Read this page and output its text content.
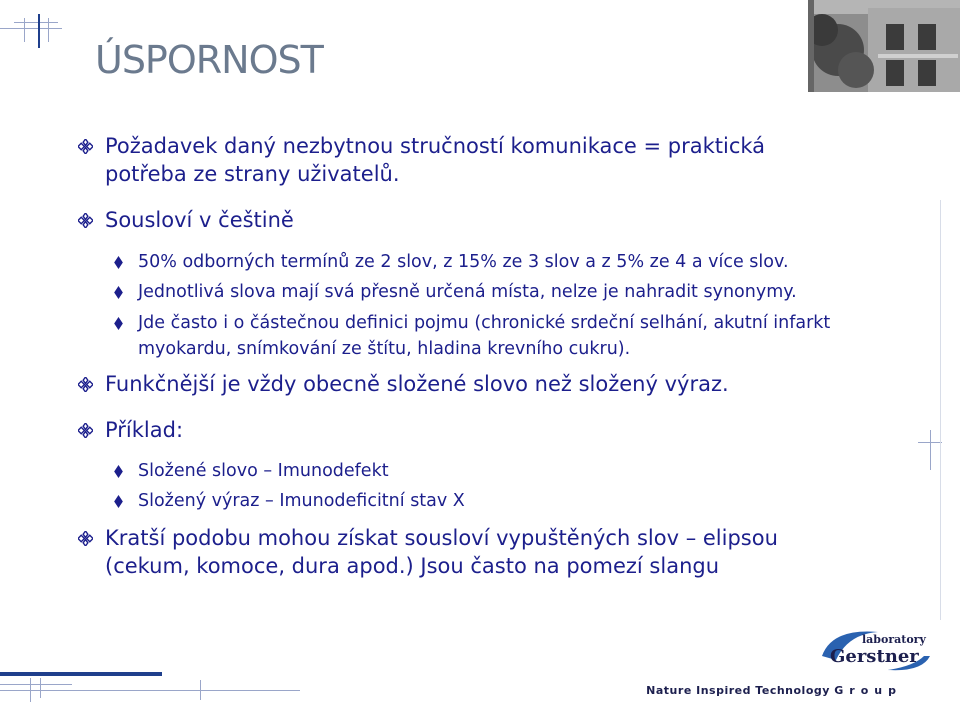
ÚSPORNOST
Požadavek daný nezbytnou stručností komunikace = praktická
potřeba ze strany uživatelů.
Sousloví v češtině
50% odborných termínů ze 2 slov, z 15% ze 3 slov a z 5% ze 4 a více slov.
Jednotlivá slova mají svá přesně určená místa, nelze je nahradit synonymy.
Jde často i o částečnou definici pojmu (chronické srdeční selhání, akutní infarkt
myokardu, snímkování ze štítu, hladina krevního cukru).
Funkčnější je vždy obecně složené slovo než složený výraz.
Příklad:
Složené slovo – Imunodefekt
Složený výraz – Imunodeficitní stav X
Kratší podobu mohou získat sousloví vypuštěných slov – elipsou
(cekum, komoce, dura apod.) Jsou často na pomezí slangu
laboratory
Gerstner
Nature Inspired Technology Group
